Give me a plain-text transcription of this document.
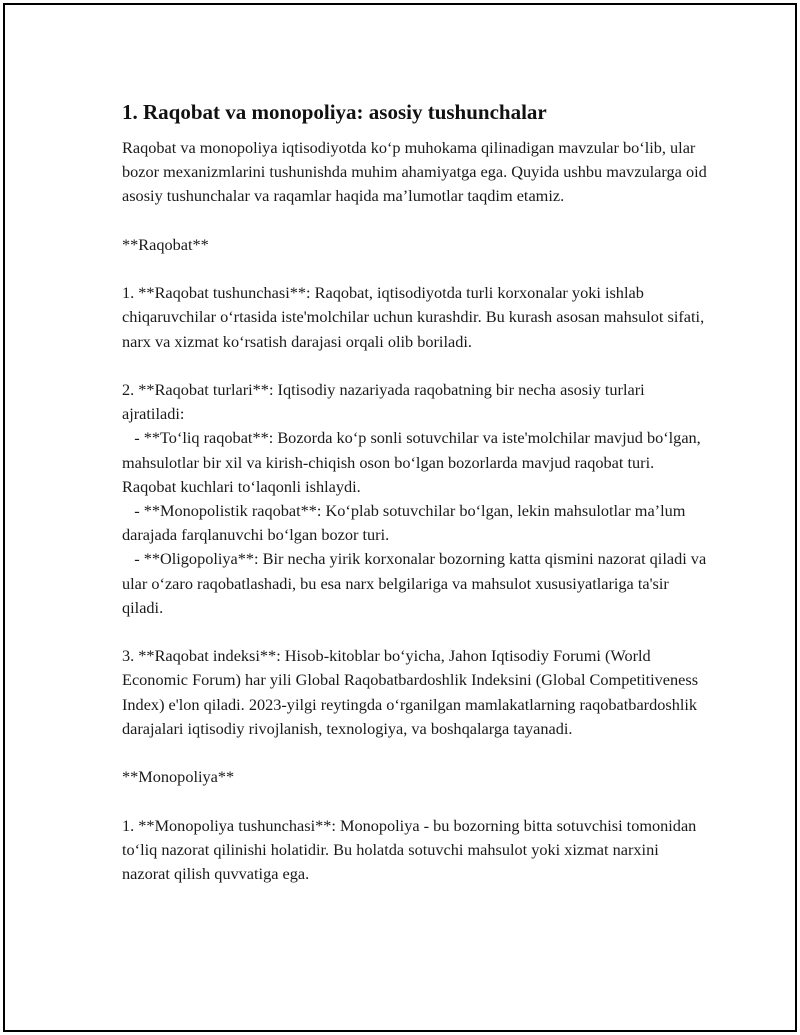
1. Raqobat va monopoliya: asosiy tushunchalar

Raqobat va monopoliya iqtisodiyotda ko‘p muhokama qilinadigan mavzular bo‘lib, ular bozor mexanizmlarini tushunishda muhim ahamiyatga ega. Quyida ushbu mavzularga oid asosiy tushunchalar va raqamlar haqida ma’lumotlar taqdim etamiz.

**Raqobat**

1. **Raqobat tushunchasi**: Raqobat, iqtisodiyotda turli korxonalar yoki ishlab chiqaruvchilar o‘rtasida iste'molchilar uchun kurashdir. Bu kurash asosan mahsulot sifati, narx va xizmat ko‘rsatish darajasi orqali olib boriladi.

2. **Raqobat turlari**: Iqtisodiy nazariyada raqobatning bir necha asosiy turlari ajratiladi:
- **To‘liq raqobat**: Bozorda ko‘p sonli sotuvchilar va iste'molchilar mavjud bo‘lgan, mahsulotlar bir xil va kirish-chiqish oson bo‘lgan bozorlarda mavjud raqobat turi. Raqobat kuchlari to‘laqonli ishlaydi.
- **Monopolistik raqobat**: Ko‘plab sotuvchilar bo‘lgan, lekin mahsulotlar ma’lum darajada farqlanuvchi bo‘lgan bozor turi.
- **Oligopoliya**: Bir necha yirik korxonalar bozorning katta qismini nazorat qiladi va ular o‘zaro raqobatlashadi, bu esa narx belgilariga va mahsulot xususiyatlariga ta'sir qiladi.

3. **Raqobat indeksi**: Hisob-kitoblar bo‘yicha, Jahon Iqtisodiy Forumi (World Economic Forum) har yili Global Raqobatbardoshlik Indeksini (Global Competitiveness Index) e'lon qiladi. 2023-yilgi reytingda o‘rganilgan mamlakatlarning raqobatbardoshlik darajalari iqtisodiy rivojlanish, texnologiya, va boshqalarga tayanadi.

**Monopoliya**

1. **Monopoliya tushunchasi**: Monopoliya - bu bozorning bitta sotuvchisi tomonidan to‘liq nazorat qilinishi holatidir. Bu holatda sotuvchi mahsulot yoki xizmat narxini nazorat qilish quvvatiga ega.
